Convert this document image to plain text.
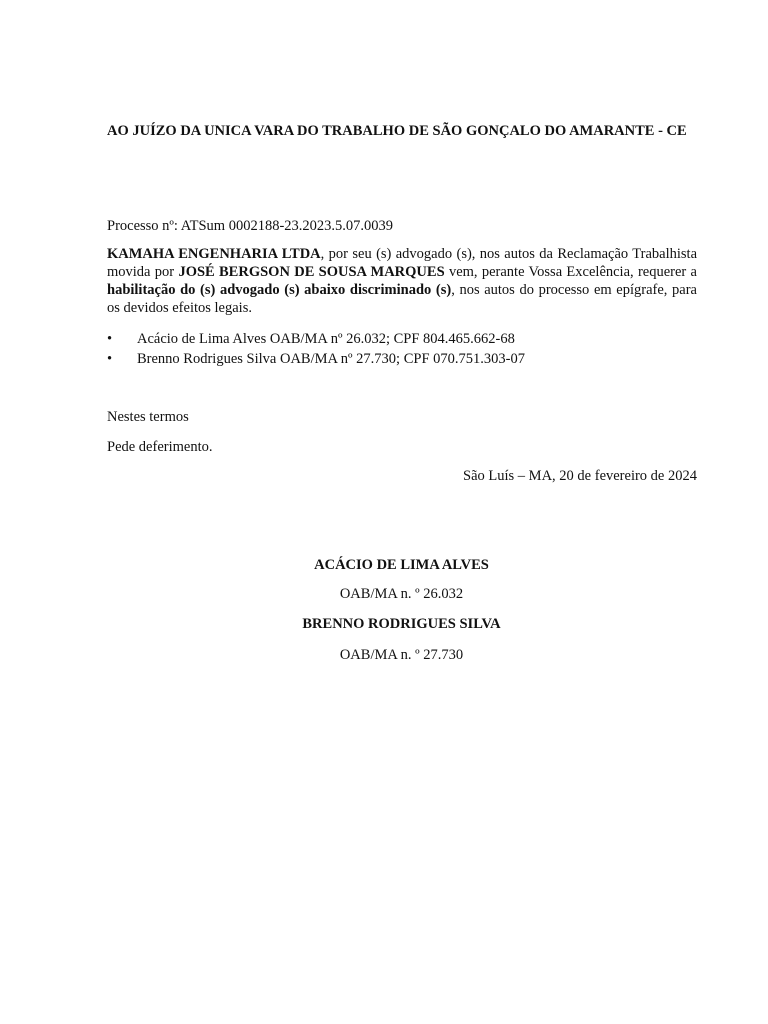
AO JUÍZO DA UNICA VARA DO TRABALHO DE SÃO GONÇALO DO AMARANTE - CE
Processo nº: ATSum 0002188-23.2023.5.07.0039
KAMAHA ENGENHARIA LTDA, por seu (s) advogado (s), nos autos da Reclamação Trabalhista movida por JOSÉ BERGSON DE SOUSA MARQUES vem, perante Vossa Excelência, requerer a habilitação do (s) advogado (s) abaixo discriminado (s), nos autos do processo em epígrafe, para os devidos efeitos legais.
• Acácio de Lima Alves OAB/MA nº 26.032; CPF 804.465.662-68
• Brenno Rodrigues Silva OAB/MA nº 27.730; CPF 070.751.303-07
Nestes termos
Pede deferimento.
São Luís – MA, 20 de fevereiro de 2024
ACÁCIO DE LIMA ALVES
OAB/MA n. º 26.032
BRENNO RODRIGUES SILVA
OAB/MA n. º 27.730
